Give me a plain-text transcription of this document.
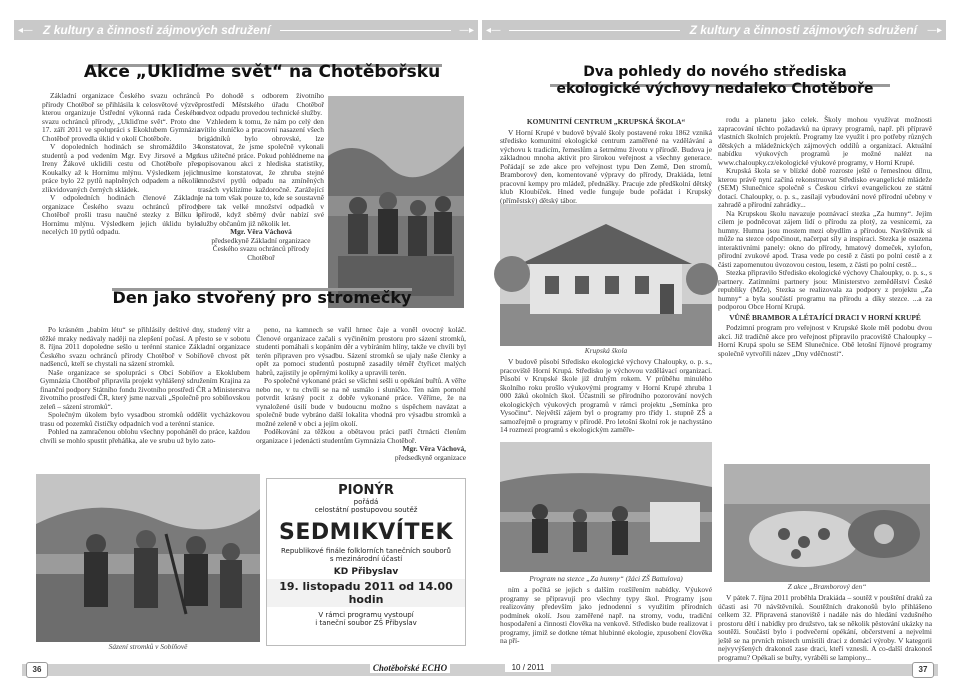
◂— Z kultury a činnosti zájmových sdružení	—▸	◂—	Z kultury a činnosti zájmových sdružení	—▸
Akce „Ukliďme svět“ na Chotěbořsku

Základní organizace Českého svazu ochránců přírody Chotěboř se přihlásila k celosvětové výzvě, kterou organizuje Ústřední výkonná rada Českého svazu ochránců přírody, „Ukliďme svět“. Proto dne 17. září 2011 ve spolupráci s Ekoklubem Gymnázia Chotěboř provedla úklid v okolí Chotěboře.

V dopoledních hodinách se shromáždilo 34 studentů a pod vedením Mgr. Evy Jirsové a Mgr. Ireny Žákové uklidili cestu od Chotěboře přes Koukalky až k Hornímu mlýnu. Výsledkem jejich práce bylo 22 pytlů naplněných odpadem a několik zlikvidovaných černých skládek.

V odpoledních hodinách členové Základní organizace Českého svazu ochránců přírody Chotěboř prošli trasu naučné stezky z Bílku k Hornímu mlýnu. Výsledkem jejich úklidu bylo necelých 10 pytlů odpadu.

Po dohodě s odborem životního prostředí Městského úřadu Chotěboř odvoz odpadu provedou technické služby.

Vzhledem k tomu, že nám po celý den svítilo sluníčko a pracovní nasazení všech brigádníků bylo obrovské, lze konstatovat, že jsme společně vykonali kus užitečné práce. Pokud pohlédneme na popisovanou akci z hlediska statistiky, musíme konstatovat, že zhruba stejné množství pytlů odpadu na zmíněných trasách vyklizíme každoročně. Zarážející je na tom však pouze to, kde se soustavně bere tak velké množství odpadků v přírodě, když sběrný dvůr nabízí své služby občanům již několik let.

Mgr. Věra Váchová

předsedkyně Základní organizace Českého svazu ochránců přírody Chotěboř

Den jako stvořený pro stromečky

Po krásném „babím létu“ se přihlásily deštivé dny, studený vítr a těžké mraky nedávaly naději na zlepšení počasí. A přesto se v sobotu 8. října 2011 dopoledne sešlo u terénní stanice Základní organizace Českého svazu ochránců přírody Chotěboř v Sobíňově chvost pět nadšenců, kteří se chystali na sázení stromků.

Naše organizace se spolupráci s Obcí Sobíňov a Ekoklubem Gymnázia Chotěboř připravila projekt vyhlášený sdružením Krajina za finanční podpory Státního fondu životního prostředí ČR a Ministerstva životního prostředí ČR, který jsme nazvali „Společně pro sobíňovskou zeleň – sázení stromků“.

Společným úkolem bylo vysadbou stromků oddělit vycházkovou trasu od pozemků čističky odpadních vod a terénní stanice.

Pohled na zamračenou oblohu všechny popoháněl do práce, každou chvíli se mohlo spustit přeháňka, ale ve srubu už bylo zato-

peno, na kamnech se vařil hrnec čaje a voněl ovocný koláč. Členové organizace začali s vyčiněním prostoru pro sázení stromků, studenti pomáhali s kopáním děr a vybíráním hlíny, takže ve chvíli byl terén připraven pro výsadbu. Sázení stromků se ujaly naše členky a opět za pomoci studentů postupně zasadily téměř čtyřicet malých habrů, zajistily je opěrnými kolíky a upravili terén.

Po společné vykonané práci se všichni sešli u opékání buřtů. A věřte nebo ne, v tu chvíli se na ně usmálo i sluníčko. Ten nám pomohl potvrdit krásný pocit z dobře vykonané práce. Věříme, že na vynaložené úsilí bude v budoucnu možno s úspěchem navázat a společně bude vybráno další lokalita vhodná pro výsadbu stromků a možné zeleně v obci a jejím okolí.

Poděkování za těžkou a obětavou práci patří čtrnácti členům organizace i jedenácti studentům Gymnázia Chotěboř.

Mgr. Věra Váchová,

předsedkyně organizace

Sázení stromků v Sobíňově
PIONÝR
pořádá
celostátní postupovou soutěž
SEDMIKVÍTEK
Republikové finále folklorních tanečních souborů
s mezinárodní účastí
KD Přibyslav
19. listopadu 2011 od 14.00 hodin
V rámci programu vystoupí
i taneční soubor ZŠ Přibyslav
Dva pohledy do nového střediska ekologické výchovy nedaleko Chotěboře

KOMUNITNÍ CENTRUM „KRUPSKÁ ŠKOLA“

V Horní Krupé v budově bývalé školy postavené roku 1862 vzniká středisko komunitní ekologické centrum zaměřené na vzdělávání a výchovu k tradicím, řemeslům a šetrnému životu v přírodě. Budova je základnou mnoha aktivit pro širokou veřejnost a všechny generace. Pořádají se zde akce pro veřejnost typu Den Země, Den stromů, Bramborový den, komentované výpravy do přírody, Drakiáda, letní pracovní kempy pro mládež, přednášky. Pracuje zde předškolní dětský klub Kloubíček. Hned vedle funguje bude pořádat i Krupský (příměstský) dětský tábor.

Krupská škola

V budově působí Středisko ekologické výchovy Chaloupky, o. p. s., pracoviště Horní Krupá. Středisko je výchovou vzdělávací organizací. Působí v Krupské škole již druhým rokem. V průběhu minulého školního roku prošlo výukovými programy v Horní Krupé zhruba 1 000 žáků okolních škol. Účastnili se přírodního pozorování nových ekologických výukových programů v rámci projektu „Semínka pro Vysočinu“. Největší zájem byl o programy pro třídy 1. stupně ZŠ a samozřejmě o programy v přírodě. Pro letošní školní rok je nachystáno 14 rozmezí programů s ekologickým zaměře-

Program na stezce „Za humny“ (žáci ZŠ Battulova)

ním a počítá se jejich s dalším rozšířením nabídky. Výukové programy se připravují pro všechny typy škol. Programy jsou realizovány především jako jednodenní s využitím přírodních podmínek okolí. Jsou zaměřené např. na stromy, vodu, tradiční hospodaření a činnosti člověka na venkově. Středisko bude realizovat i programy, jimiž se dotkne témat hlubinné ekologie, zpusobení člověka na pří-

rodu a planetu jako celek. Školy mohou využívat možnosti zapracování těchto požadavků na úpravy programů, např. při přípravě vlastních školních projektů. Programy lze využít i pro potřeby různých dětských a mládežnických zájmových oddílů a organizací. Aktuální nabídku výukových programů je možné nalézt na www.chaloupky.cz/ekologické výukové programy, v Horní Krupé.

Krupská škola se v blízké době rozroste ještě o řemeslnou dílnu, kterou právě nyní začíná rekonstruovat Středisko evangelické mládeže (SEM) Slunečnice společně s Českou církví evangelickou ze státní dotací. Chaloupky, o. p. s., zasílají vybudování nové přírodní učebny v zahradě a přírodní zahrádky...

Na Krupskou školu navazuje poznávací stezka „Za humny“. Jejím cílem je podněcovat zájem lidí o přírodu za plotý, za vesnicemi, za humny. Humna jsou mostem mezi obydlím a přírodou. Navštěvník si může na stezce odpočinout, načerpat síly a inspiraci. Stezka je osazena interaktivními panely: okno do přírody, hmatový domeček, xylofon, přírodní zvukové apod. Trasa vede po cestě z části po polní cestě a z části zapomenutou úvozovou cestou, lesem, z části po polní cestě...

Stezka připravilo Středisko ekologické výchovy Chaloupky, o. p. s., s partnery. Zatímními partnery jsou: Ministerstvo zemědělství České republiky (MZe), Stezka se realizovala za podpory z projektu „Za humny“ a byla součástí programu na přírodu a díky stezce. ...a za podporou Obce Horní Krupá.

VŮNĚ BRAMBOR A LÉTAJÍCÍ DRACI V HORNÍ KRUPÉ

Podzimní program pro veřejnost v Krupské škole měl podobu dvou akcí. Již tradičně akce pro veřejnost připravilo pracoviště Chaloupky – Horní Krupá spolu se SEM Slunečnice. Obě letošní říjnové programy společně vytvořili název „Dny vděčnosti“.

Z akce „Bramborový den“

V pátek 7. října 2011 proběhla Drakiáda – soutěž v pouštění draků za účasti asi 70 návštěvníků. Soutěžních drakonošů bylo přihlášeno celkem 32. Připravená stanoviště i nadále nás do hledání vzdušného prostoru dětí i nabídky pro družstvo, tak se několik pěstování ukázky na soutěži. Součástí bylo i podvečerní opékání, občerstvení a nejvelmi ještě se na prvních místech umístili draci z domácí výroby. V kategorii nejvyvýšených drakonoš zase draci, kteří vznesli. A co-další drakonoš programu? Opékali se buřty, vyráběli se lampiony...

36	37
Chotěbořské ECHO	10 / 2011
